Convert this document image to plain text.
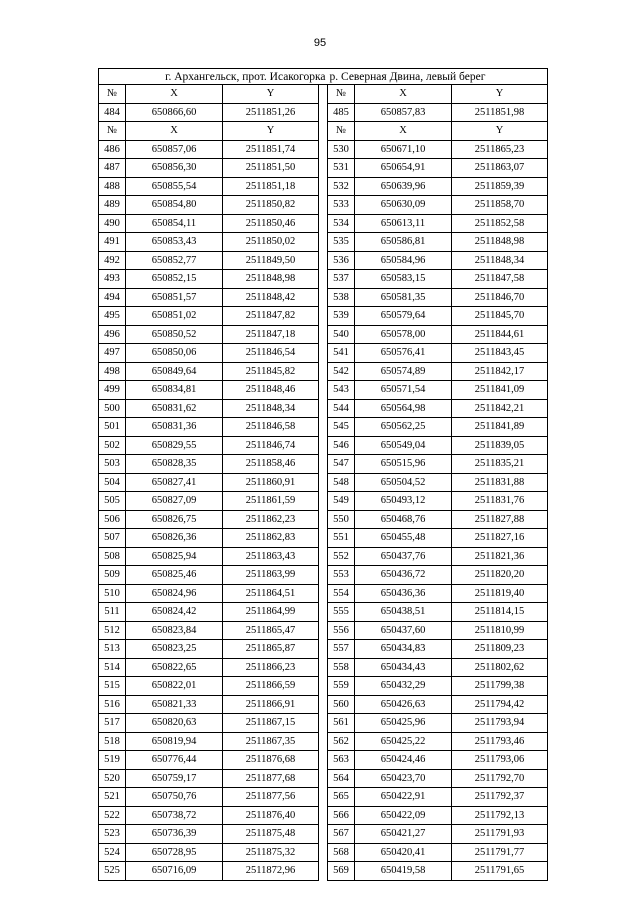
95
г. Архангельск, прот. Исакогорка				р. Северная Двина, левый берег		
№	X	Y		№	X	Y
484	650866,60	2511851,26		485	650857,83	2511851,98
№	X	Y		№	X	Y
486	650857,06	2511851,74		530	650671,10	2511865,23
487	650856,30	2511851,50		531	650654,91	2511863,07
488	650855,54	2511851,18		532	650639,96	2511859,39
489	650854,80	2511850,82		533	650630,09	2511858,70
490	650854,11	2511850,46		534	650613,11	2511852,58
491	650853,43	2511850,02		535	650586,81	2511848,98
492	650852,77	2511849,50		536	650584,96	2511848,34
493	650852,15	2511848,98		537	650583,15	2511847,58
494	650851,57	2511848,42		538	650581,35	2511846,70
495	650851,02	2511847,82		539	650579,64	2511845,70
496	650850,52	2511847,18		540	650578,00	2511844,61
497	650850,06	2511846,54		541	650576,41	2511843,45
498	650849,64	2511845,82		542	650574,89	2511842,17
499	650834,81	2511848,46		543	650571,54	2511841,09
500	650831,62	2511848,34		544	650564,98	2511842,21
501	650831,36	2511846,58		545	650562,25	2511841,89
502	650829,55	2511846,74		546	650549,04	2511839,05
503	650828,35	2511858,46		547	650515,96	2511835,21
504	650827,41	2511860,91		548	650504,52	2511831,88
505	650827,09	2511861,59		549	650493,12	2511831,76
506	650826,75	2511862,23		550	650468,76	2511827,88
507	650826,36	2511862,83		551	650455,48	2511827,16
508	650825,94	2511863,43		552	650437,76	2511821,36
509	650825,46	2511863,99		553	650436,72	2511820,20
510	650824,96	2511864,51		554	650436,36	2511819,40
511	650824,42	2511864,99		555	650438,51	2511814,15
512	650823,84	2511865,47		556	650437,60	2511810,99
513	650823,25	2511865,87		557	650434,83	2511809,23
514	650822,65	2511866,23		558	650434,43	2511802,62
515	650822,01	2511866,59		559	650432,29	2511799,38
516	650821,33	2511866,91		560	650426,63	2511794,42
517	650820,63	2511867,15		561	650425,96	2511793,94
518	650819,94	2511867,35		562	650425,22	2511793,46
519	650776,44	2511876,68		563	650424,46	2511793,06
520	650759,17	2511877,68		564	650423,70	2511792,70
521	650750,76	2511877,56		565	650422,91	2511792,37
522	650738,72	2511876,40		566	650422,09	2511792,13
523	650736,39	2511875,48		567	650421,27	2511791,93
524	650728,95	2511875,32		568	650420,41	2511791,77
525	650716,09	2511872,96		569	650419,58	2511791,65
